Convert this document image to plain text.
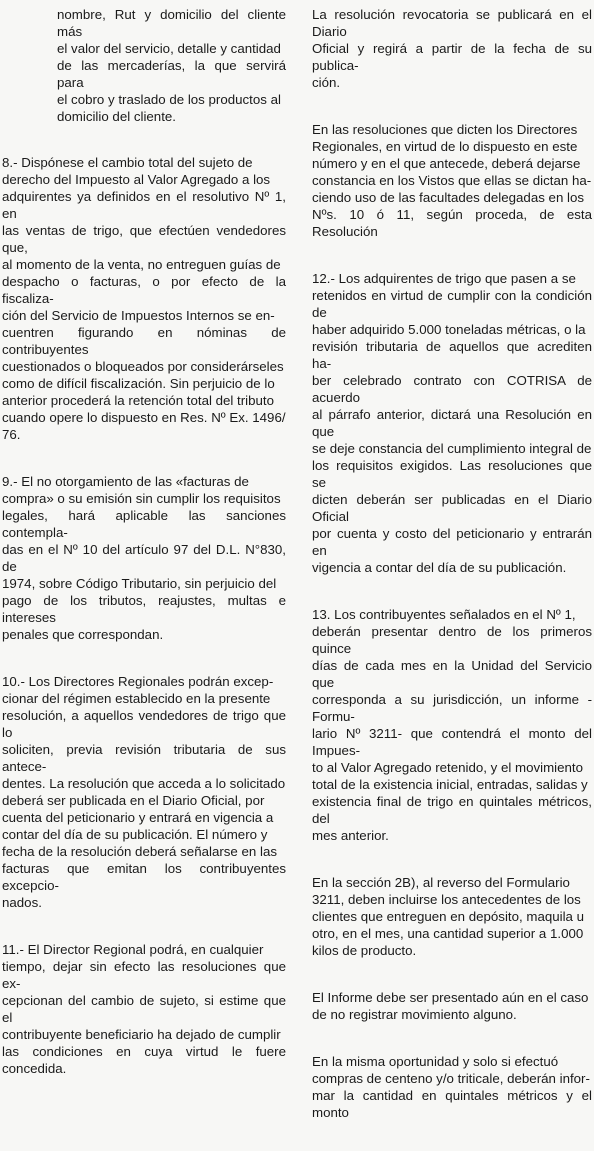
nombre, Rut y domicilio del cliente más
el valor del servicio, detalle y cantidad
de las mercaderías, la que servirá para
el cobro y traslado de los productos al
domicilio del cliente.

8.- Dispónese el cambio total del sujeto de
derecho del Impuesto al Valor Agregado a los
adquirentes ya definidos en el resolutivo Nº 1, en
las ventas de trigo, que efectúen vendedores que,
al momento de la venta, no entreguen guías de
despacho o facturas, o por efecto de la fiscaliza-
ción del Servicio de Impuestos Internos se en-
cuentren figurando en nóminas de contribuyentes
cuestionados o bloqueados por considerárseles
como de difícil fiscalización. Sin perjuicio de lo
anterior procederá la retención total del tributo
cuando opere lo dispuesto en Res. Nº Ex. 1496/
76.

9.- El no otorgamiento de las «facturas de
compra» o su emisión sin cumplir los requisitos
legales, hará aplicable las sanciones contempla-
das en el Nº 10 del artículo 97 del D.L. N°830, de
1974, sobre Código Tributario, sin perjuicio del
pago de los tributos, reajustes, multas e intereses
penales que correspondan.

10.- Los Directores Regionales podrán excep-
cionar del régimen establecido en la presente
resolución, a aquellos vendedores de trigo que lo
soliciten, previa revisión tributaria de sus antece-
dentes. La resolución que acceda a lo solicitado
deberá ser publicada en el Diario Oficial, por
cuenta del peticionario y entrará en vigencia a
contar del día de su publicación. El número y
fecha de la resolución deberá señalarse en las
facturas que emitan los contribuyentes excepcio-
nados.

11.- El Director Regional podrá, en cualquier
tiempo, dejar sin efecto las resoluciones que ex-
cepcionan del cambio de sujeto, si estime que el
contribuyente beneficiario ha dejado de cumplir
las condiciones en cuya virtud le fuere concedida.

La resolución revocatoria se publicará en el Diario
Oficial y regirá a partir de la fecha de su publica-
ción.

En las resoluciones que dicten los Directores
Regionales, en virtud de lo dispuesto en este
número y en el que antecede, deberá dejarse
constancia en los Vistos que ellas se dictan ha-
ciendo uso de las facultades delegadas en los
Nºs. 10 ó 11, según proceda, de esta Resolución

12.- Los adquirentes de trigo que pasen a se
retenidos en virtud de cumplir con la condición de
haber adquirido 5.000 toneladas métricas, o la
revisión tributaria de aquellos que acrediten ha-
ber celebrado contrato con COTRISA de acuerdo
al párrafo anterior, dictará una Resolución en que
se deje constancia del cumplimiento integral de
los requisitos exigidos. Las resoluciones que se
dicten deberán ser publicadas en el Diario Oficial
por cuenta y costo del peticionario y entrarán en
vigencia a contar del día de su publicación.

13. Los contribuyentes señalados en el Nº 1,
deberán presentar dentro de los primeros quince
días de cada mes en la Unidad del Servicio que
corresponda a su jurisdicción, un informe -Formu-
lario Nº 3211- que contendrá el monto del Impues-
to al Valor Agregado retenido, y el movimiento
total de la existencia inicial, entradas, salidas y
existencia final de trigo en quintales métricos, del
mes anterior.

En la sección 2B), al reverso del Formulario
3211, deben incluirse los antecedentes de los
clientes que entreguen en depósito, maquila u
otro, en el mes, una cantidad superior a 1.000
kilos de producto.

El Informe debe ser presentado aún en el caso
de no registrar movimiento alguno.

En la misma oportunidad y solo si efectuó
compras de centeno y/o triticale, deberán infor-
mar la cantidad en quintales métricos y el monto
